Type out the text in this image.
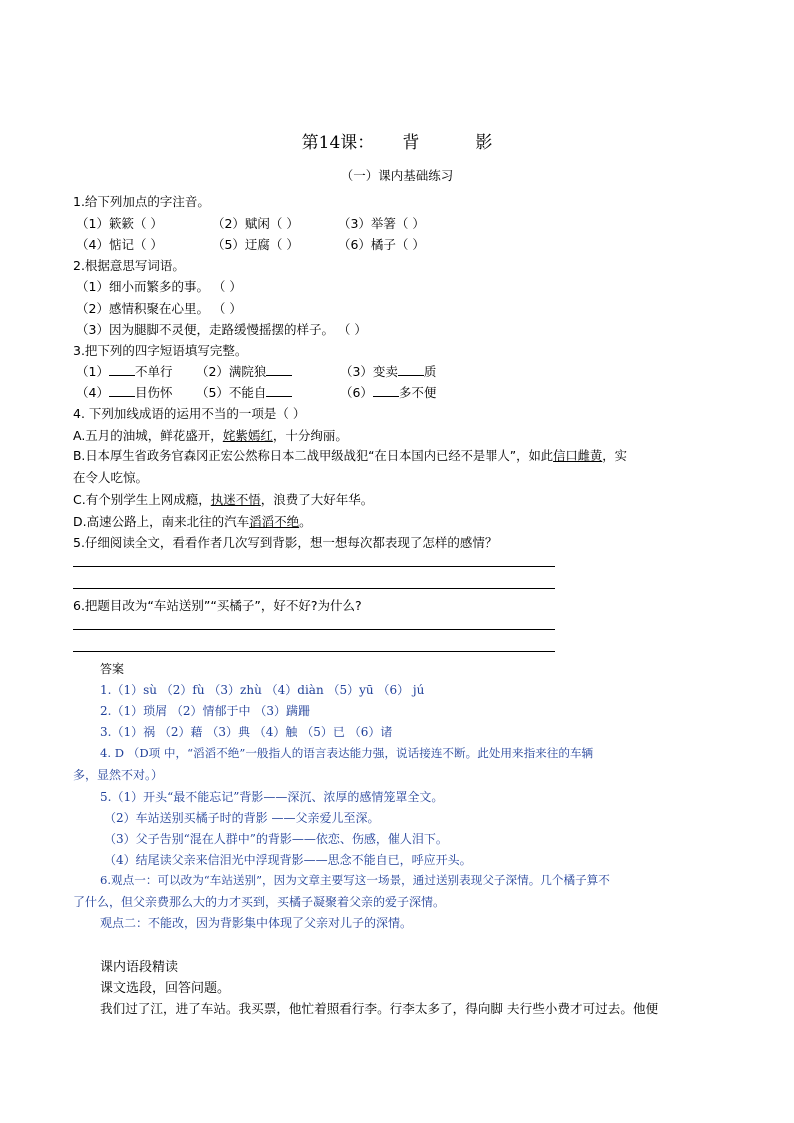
第14课： 背	影
（一）课内基础练习
1.给下列加点的字注音。
（1）簌簌（ ）	（2）赋闲（ ）	（3）举箸（ ）
（4）惦记（ ）	（5）迂腐（ ）	（6）橘子（ ）
2.根据意思写词语。
（1）细小而繁多的事。 （ ）
（2）感情积聚在心里。 （ ）
（3）因为腿脚不灵便，走路缓慢摇摆的样子。 （ ）
3.把下列的四字短语填写完整。
（1） 不单行 （2）满院狼	（3）变卖 质
（4） 目伤怀 （5）不能自	（6） 多不便
4. 下列加线成语的运用不当的一项是（ ）
A.五月的油城，鲜花盛开，姹紫嫣红，十分绚丽。
B.日本厚生省政务官森冈正宏公然称日本二战甲级战犯“在日本国内已经不是罪人”，如此信口雌黄，实
在令人吃惊。
C.有个别学生上网成瘾，执迷不悟，浪费了大好年华。
D.高速公路上，南来北往的汽车滔滔不绝。
5.仔细阅读全文，看看作者几次写到背影，想一想每次都表现了怎样的感情？
6.把题目改为“车站送别”“买橘子”，好不好?为什么?
答案
1.（1）sù （2）fù （3）zhù （4）diàn （5）yū （6） jú
2.（1）琐屑 （2）情郁于中 （3）蹒跚
3.（1）祸 （2）藉 （3）典 （4）触 （5）已 （6）诸
4. D （D项 中，“滔滔不绝”一般指人的语言表达能力强，说话接连不断。此处用来指来往的车辆
多，显然不对。）
5.（1）开头“最不能忘记”背影——深沉、浓厚的感情笼罩全文。
（2）车站送别买橘子时的背影 ——父亲爱儿至深。
（3）父子告别“混在人群中”的背影——依恋、伤感，催人泪下。
（4）结尾读父亲来信泪光中浮现背影——思念不能自已，呼应开头。
6.观点一：可以改为“车站送别”，因为文章主要写这一场景，通过送别表现父子深情。几个橘子算不
了什么，但父亲费那么大的力才买到，买橘子凝聚着父亲的爱子深情。
观点二：不能改，因为背影集中体现了父亲对儿子的深情。
课内语段精读
课文选段，回答问题。
我们过了江，进了车站。我买票，他忙着照看行李。行李太多了，得向脚 夫行些小费才可过去。他便
